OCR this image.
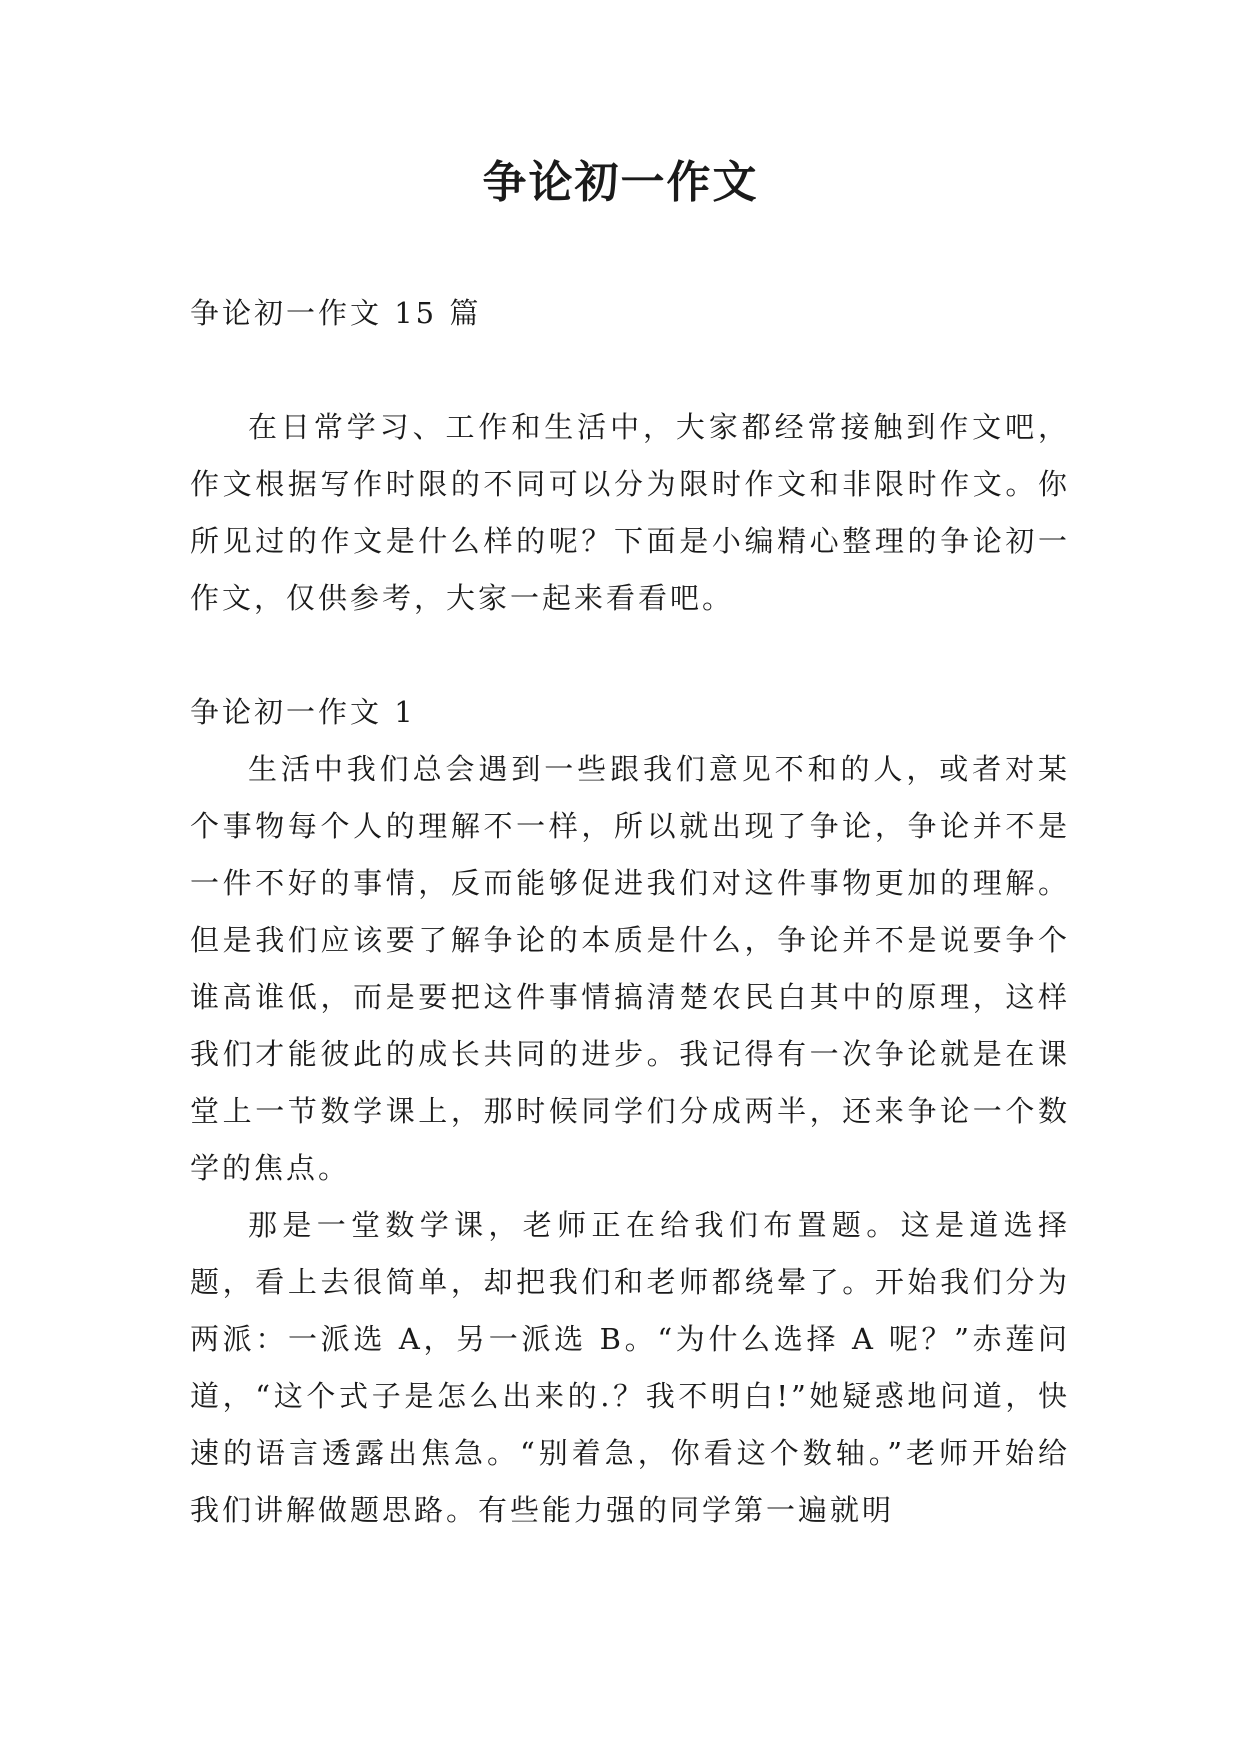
争论初一作文

争论初一作文 15 篇

在日常学习、工作和生活中，大家都经常接触到作文吧，作文根据写作时限的不同可以分为限时作文和非限时作文。你所见过的作文是什么样的呢？下面是小编精心整理的争论初一作文，仅供参考，大家一起来看看吧。

争论初一作文 1

生活中我们总会遇到一些跟我们意见不和的人，或者对某个事物每个人的理解不一样，所以就出现了争论，争论并不是一件不好的事情，反而能够促进我们对这件事物更加的理解。但是我们应该要了解争论的本质是什么，争论并不是说要争个谁高谁低，而是要把这件事情搞清楚农民白其中的原理，这样我们才能彼此的成长共同的进步。我记得有一次争论就是在课堂上一节数学课上，那时候同学们分成两半，还来争论一个数学的焦点。

那是一堂数学课，老师正在给我们布置题。这是道选择题，看上去很简单，却把我们和老师都绕晕了。开始我们分为两派：一派选 A，另一派选 B。“为什么选择 A 呢？”赤莲问道，“这个式子是怎么出来的.？我不明白!”她疑惑地问道，快速的语言透露出焦急。“别着急，你看这个数轴。”老师开始给我们讲解做题思路。有些能力强的同学第一遍就明
